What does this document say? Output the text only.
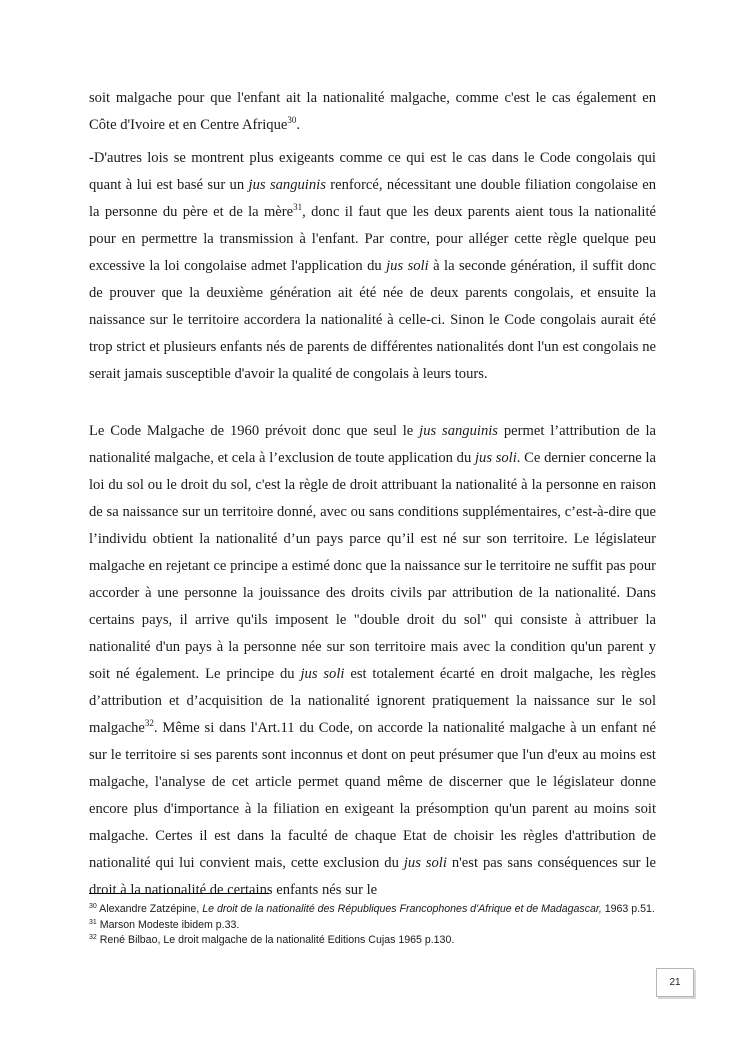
soit malgache pour que l'enfant ait la nationalité malgache, comme c'est le cas également en Côte d'Ivoire et en Centre Afrique$^{30}$.

-D'autres lois se montrent plus exigeants comme ce qui est le cas dans le Code congolais qui quant à lui est basé sur un jus sanguinis renforcé, nécessitant une double filiation congolaise en la personne du père et de la mère$^{31}$, donc il faut que les deux parents aient tous la nationalité pour en permettre la transmission à l'enfant. Par contre, pour alléger cette règle quelque peu excessive la loi congolaise admet l'application du jus soli à la seconde génération, il suffit donc de prouver que la deuxième génération ait été née de deux parents congolais, et ensuite la naissance sur le territoire accordera la nationalité à celle-ci. Sinon le Code congolais aurait été trop strict et plusieurs enfants nés de parents de différentes nationalités dont l'un est congolais ne serait jamais susceptible d'avoir la qualité de congolais à leurs tours.

Le Code Malgache de 1960 prévoit donc que seul le jus sanguinis permet l’attribution de la nationalité malgache, et cela à l’exclusion de toute application du jus soli. Ce dernier concerne la loi du sol ou le droit du sol, c'est la règle de droit attribuant la nationalité à la personne en raison de sa naissance sur un territoire donné, avec ou sans conditions supplémentaires, c’est-à-dire que l’individu obtient la nationalité d’un pays parce qu’il est né sur son territoire. Le législateur malgache en rejetant ce principe a estimé donc que la naissance sur le territoire ne suffit pas pour accorder à une personne la jouissance des droits civils par attribution de la nationalité. Dans certains pays, il arrive qu'ils imposent le "double droit du sol" qui consiste à attribuer la nationalité d'un pays à la personne née sur son territoire mais avec la condition qu'un parent y soit né également. Le principe du jus soli est totalement écarté en droit malgache, les règles d’attribution et d’acquisition de la nationalité ignorent pratiquement la naissance sur le sol malgache$^{32}$. Même si dans l'Art.11 du Code, on accorde la nationalité malgache à un enfant né sur le territoire si ses parents sont inconnus et dont on peut présumer que l'un d'eux au moins est malgache, l'analyse de cet article permet quand même de discerner que le législateur donne encore plus d'importance à la filiation en exigeant la présomption qu'un parent au moins soit malgache. Certes il est dans la faculté de chaque Etat de choisir les règles d'attribution de nationalité qui lui convient mais, cette exclusion du jus soli n'est pas sans conséquences sur le droit à la nationalité de certains enfants nés sur le

$^{30}$ Alexandre Zatzépine, Le droit de la nationalité des Républiques Francophones d'Afrique et de Madagascar, 1963 p.51.

$^{31}$ Marson Modeste ibidem p.33.

$^{32}$ René Bilbao, Le droit malgache de la nationalité Editions Cujas 1965 p.130.

21
